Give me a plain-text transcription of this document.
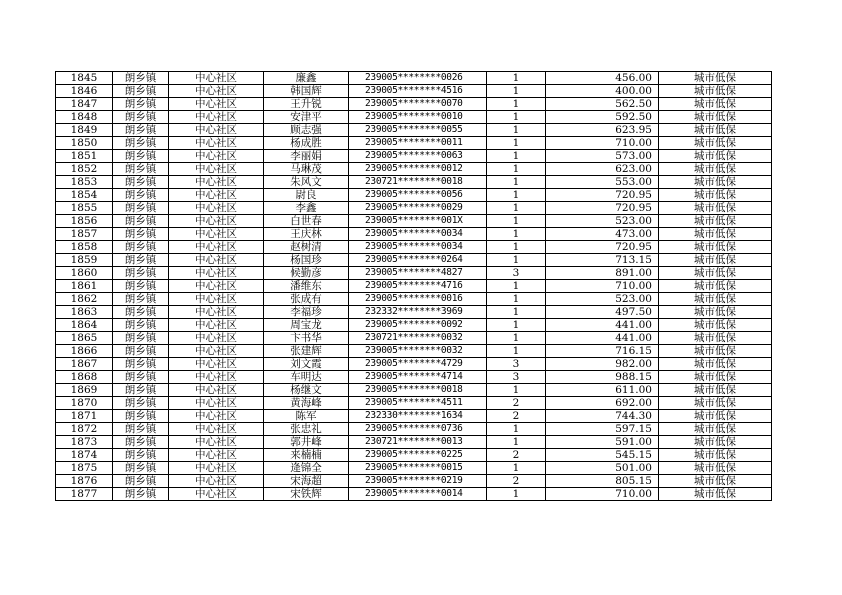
1845	朗乡镇	中心社区	廉鑫	239005********0026	1	456.00	城市低保
1846	朗乡镇	中心社区	韩国辉	239005********4516	1	400.00	城市低保
1847	朗乡镇	中心社区	王升锐	239005********0070	1	562.50	城市低保
1848	朗乡镇	中心社区	安津平	239005********0010	1	592.50	城市低保
1849	朗乡镇	中心社区	顾志强	239005********0055	1	623.95	城市低保
1850	朗乡镇	中心社区	杨成胜	239005********0011	1	710.00	城市低保
1851	朗乡镇	中心社区	李丽娟	239005********0063	1	573.00	城市低保
1852	朗乡镇	中心社区	马琳茂	239005********0012	1	623.00	城市低保
1853	朗乡镇	中心社区	朱风文	230721********0018	1	553.00	城市低保
1854	朗乡镇	中心社区	尉良	239005********0056	1	720.95	城市低保
1855	朗乡镇	中心社区	李鑫	239005********0029	1	720.95	城市低保
1856	朗乡镇	中心社区	白世春	239005********001X	1	523.00	城市低保
1857	朗乡镇	中心社区	王庆林	239005********0034	1	473.00	城市低保
1858	朗乡镇	中心社区	赵树清	239005********0034	1	720.95	城市低保
1859	朗乡镇	中心社区	杨国珍	239005********0264	1	713.15	城市低保
1860	朗乡镇	中心社区	候勤彦	239005********4827	3	891.00	城市低保
1861	朗乡镇	中心社区	潘维东	239005********4716	1	710.00	城市低保
1862	朗乡镇	中心社区	张成有	239005********0016	1	523.00	城市低保
1863	朗乡镇	中心社区	李福珍	232332********3969	1	497.50	城市低保
1864	朗乡镇	中心社区	周宝龙	239005********0092	1	441.00	城市低保
1865	朗乡镇	中心社区	卞书华	230721********0032	1	441.00	城市低保
1866	朗乡镇	中心社区	张建辉	239005********0032	1	716.15	城市低保
1867	朗乡镇	中心社区	刘文霞	239005********4729	3	982.00	城市低保
1868	朗乡镇	中心社区	车明达	239005********4714	3	988.15	城市低保
1869	朗乡镇	中心社区	杨继文	239005********0018	1	611.00	城市低保
1870	朗乡镇	中心社区	黄海峰	239005********4511	2	692.00	城市低保
1871	朗乡镇	中心社区	陈军	232330********1634	2	744.30	城市低保
1872	朗乡镇	中心社区	张忠礼	239005********0736	1	597.15	城市低保
1873	朗乡镇	中心社区	郭井峰	230721********0013	1	591.00	城市低保
1874	朗乡镇	中心社区	来楠楠	239005********0225	2	545.15	城市低保
1875	朗乡镇	中心社区	逄锦全	239005********0015	1	501.00	城市低保
1876	朗乡镇	中心社区	宋海超	239005********0219	2	805.15	城市低保
1877	朗乡镇	中心社区	宋铁辉	239005********0014	1	710.00	城市低保
